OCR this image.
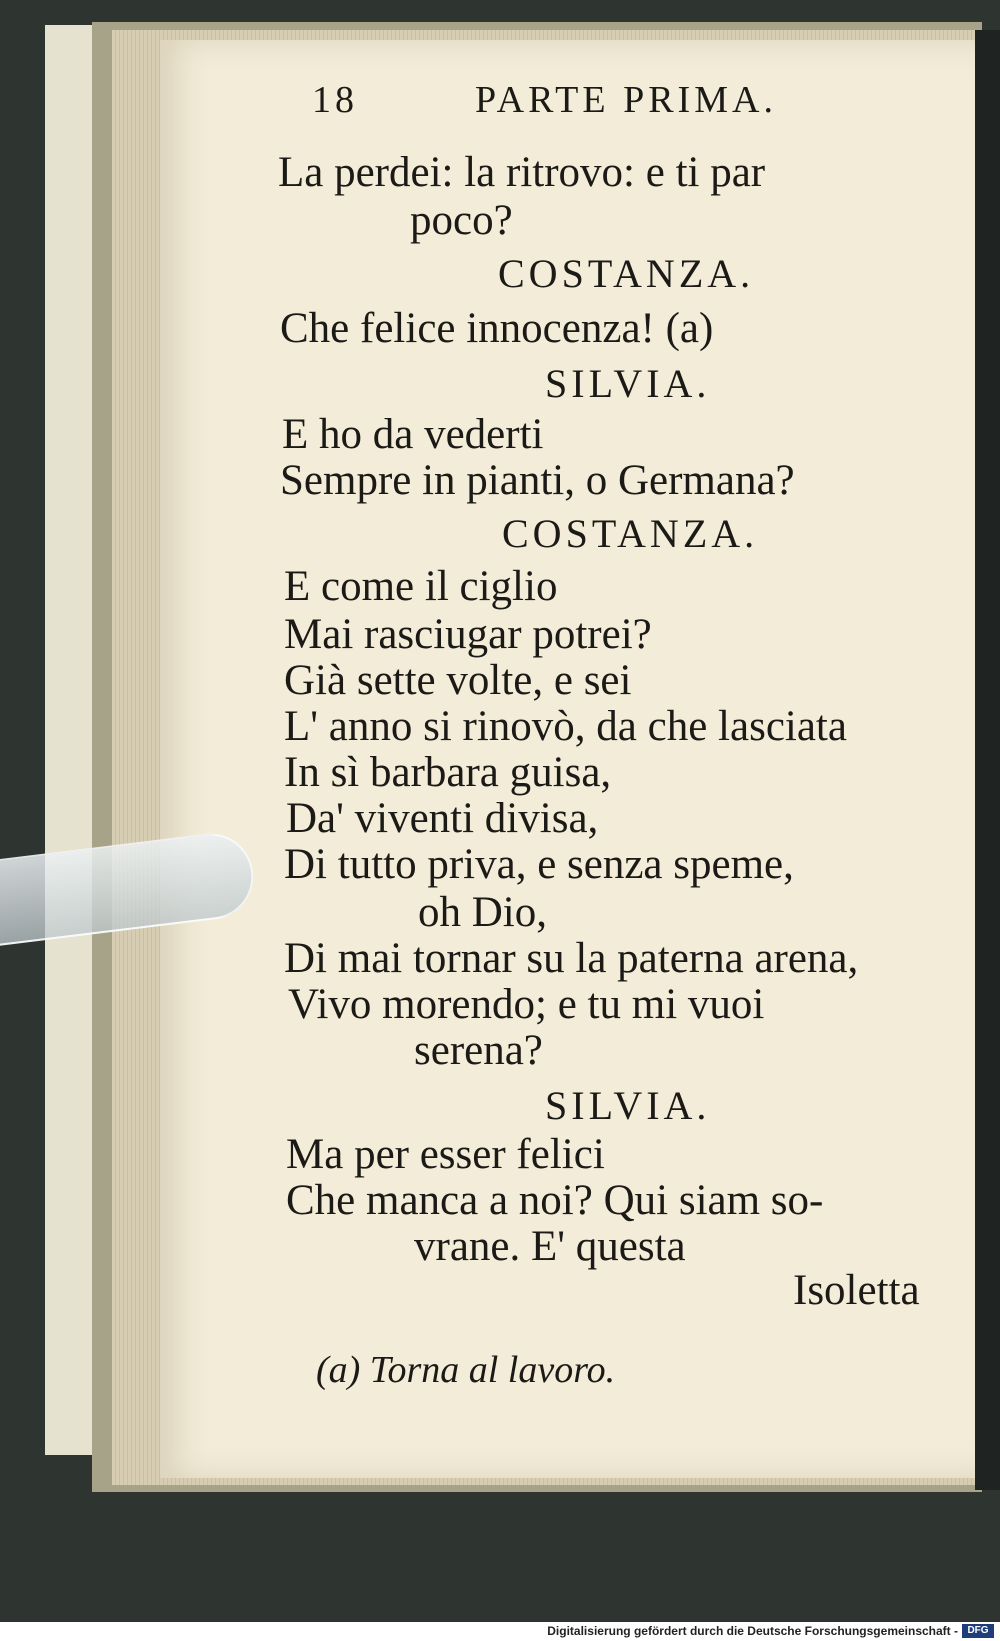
18	PARTE PRIMA.
La perdei: la ritrovo: e ti par
poco?
COSTANZA.
Che felice innocenza! (a)
SILVIA.
E ho da vederti
Sempre in pianti, o Germana?
COSTANZA.
E come il ciglio
Mai rasciugar potrei?
Già sette volte, e sei
L' anno si rinovò, da che lasciata
In sì barbara guisa,
Da' viventi divisa,
Di tutto priva, e senza speme,
oh Dio,
Di mai tornar su la paterna arena,
Vivo morendo; e tu mi vuoi
serena?
SILVIA.
Ma per esser felici
Che manca a noi? Qui siam so-
vrane. E' questa
Isoletta
(a) Torna al lavoro.
Digitalisierung gefördert durch die Deutsche Forschungsgemeinschaft - DFG
